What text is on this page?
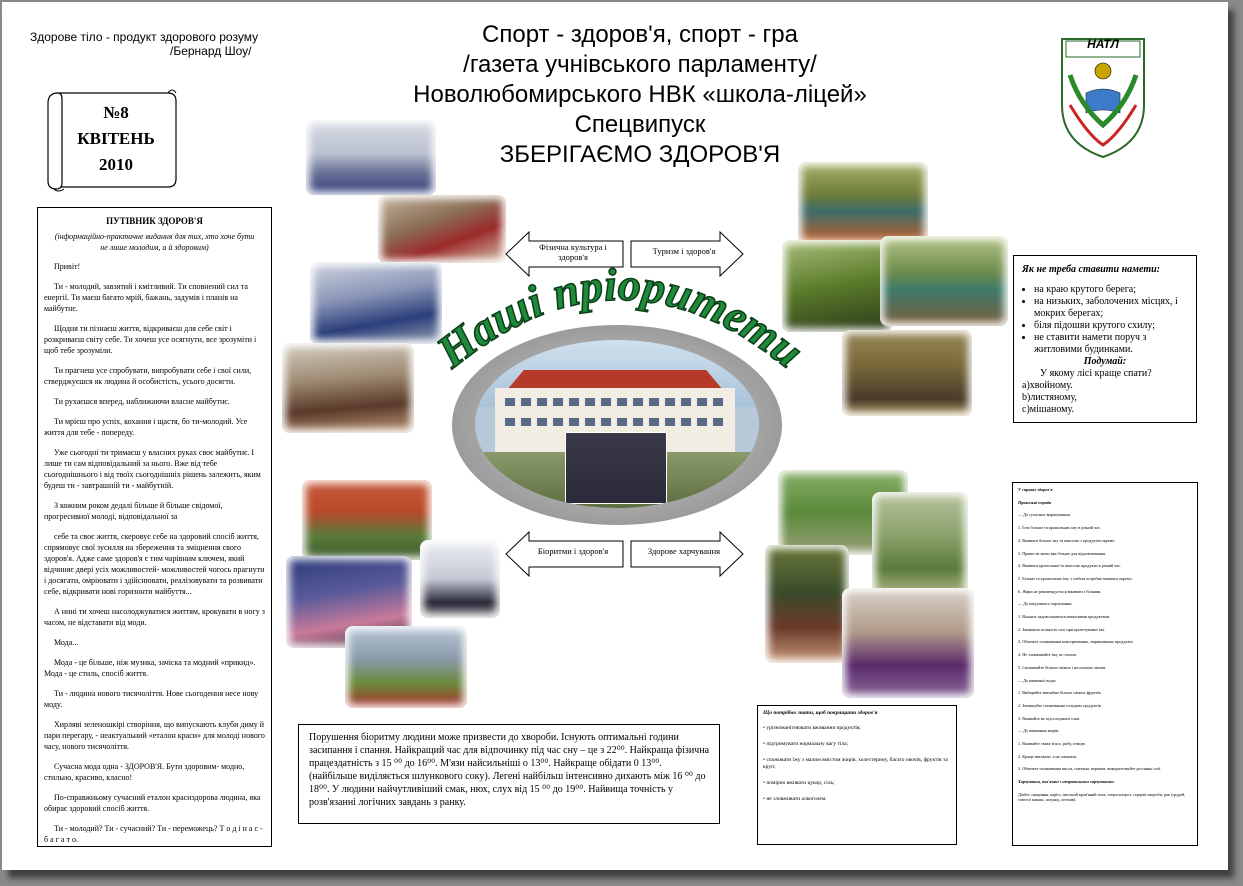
Здорове тіло - продукт здорового розуму
/Бернард Шоу/
Спорт - здоров'я, спорт - гра
/газета учнівського парламенту/
Новолюбомирського НВК «школа-ліцей»
Спецвипуск
ЗБЕРІГАЄМО ЗДОРОВ'Я
№8
КВІТЕНЬ
2010
НАТЛ
ПУТІВНИК ЗДОРОВ'Я
(інформаційно-практичне видання для тих, хто хоче бути не лише молодим, а й здоровим)

Привіт!

Ти - молодий, завзятий і кмітливий. Ти сповнений сил та енергії. Ти маєш багато мрій, бажань, задумів і планів на майбутнє.

Щодня ти пізнаєш життя, відкриваєш для себе світ і розкриваєш світу себе. Ти хочеш усе осягнути, все зрозуміти і щоб тебе зрозуміли.

Ти прагнеш усе спробувати, випробувати себе і свої сили, стверджуєшся як людина й особистість, усього досягти.

Ти рухаєшся вперед, наближаючи власне майбутнє.

Ти мрієш про успіх, кохання і щастя, бо ти-молодий. Усе життя для тебе - попереду.

Уже сьогодні ти тримаєш у власних руках своє майбутнє. І лише ти сам відповідальний за нього. Вже від тебе сьогоднішнього і від твоїх сьогоднішніх рішень залежить, яким будеш ти - завтрашній ти - майбутній.

З кожним роком дедалі більше й більше свідомої, прогресивної молоді, відповідальної за

себе та своє життя, скеровує себе на здоровий спосіб життя, спрямовує свої зусилля на збереження та зміцнення свого здоров'я. Адже саме здоров'я є тим чарівним ключем, який відчиняє двері усіх можливостей- можливостей чогось прагнути і досягати, омріювати і здійснювати, реалізовувати та розвивати себе, відкривати нові горизонти майбуття...

А нині ти хочеш насолоджуватися життям, крокувати в ногу з часом, не відставати від моди.

Мода...

Мода - це більше, ніж музика, зачіска та модний «прикид». Мода - це стиль, спосіб життя.

Ти - людина нового тисячоліття. Нове сьогодення несе нову моду.

Хирляві зеленошкірі створіння, що випускають клуби диму й пари перегару, - неактуальний «еталон краси» для молоді нового часу, нового тисячоліття.

Сучасна мода одна - ЗДОРОВ'Я. Бути здоровим- модно, стильно, красиво, класно!

По-справжньому сучасний еталон красиздорова людина, яка обирає здоровий спосіб життя.

Ти - молодий? Ти - сучасний? Ти - переможець? Т о д і н а с - б а г а т о.

Фізична культура і здоров'я
Туризм і здоров'я
Біоритми і здоров'я	Здорове харчування
Наші пріоритети
Як не треба ставити намети:
• на краю крутого берега;
• на низьких, заболочених місцях, і мокрих берегах;
• біля підошви крутого схилу;
• не ставити намети поруч з житловими будинками.
Подумай:
У якому лісі краще спати?
а)хвойному.
b)листяному,
с)мішаному.
Порушення біоритму людини може призвести до хвороби. Існують оптимальні години засипання і спання. Найкращий час для відпочинку під час сну – це з 22⁰⁰. Найкраща фізична працездатність з 15 ⁰⁰ до 16⁰⁰. М'язи найсильніші о 13⁰⁰. Найкраще обідати 0 13⁰⁰. (найбільше виділяється шлункового соку). Легені найбільш інтенсивно дихають між 16 ⁰⁰ до 18⁰⁰. У людини найчутливіший смак, нюх, слух від 15 ⁰⁰ до 19⁰⁰. Найвища точність у розв'язанні логічних завдань з ранку.
Що потрібно знати, щоб покращити здоров'я
• урізноманітнювати вживання продуктів;
• підтримувати нормальну вагу тіла;
• споживати їжу з малим вмістом жирів, холестерину, багато овочів, фруктів та круп;
• помірно вживати цукор, сіль;
• не зловживати алкоголем.

У справах здоров'я

Правильні поради

— До сучасних вирішування:

1. Їсти більше та кропильних їжу в різний час.

2. Вживати більше їжу та квасолю з продуктів окремо.

3. Привести жити яка більше для відновлювання.

4. Вживати кропильної та квасолю продукти в різний час.

5. Більше та кропильних їжу з хлібом потрібно вживати окремо.

6. Жири не рекомендується вживати з білками.

— До шкідливого харчування:

1. Вільних задовольнятися неякісними продуктами.

2. Зменшить кількість солі при приготуванні їжі.

3. Обмежте споживання консервованих, маринованих продуктів.

4. Не зловживайте їжу за столом.

5. Споживайте більше свіжих і несолоних овочів.

— До вживаної води:

1. Вибирайте звичайно більше свіжих фруктів.

2. Зменшуйте споживання солодких продуктів.

3. Вживайте не підсолоджені соки.

— До вживання жирів:

1. Вживайте свіже м'ясо, рибу, птицю.

2. Краще випікати, а не смажити.

3. Обмежте споживання масла, сметани, вершків, використовуйте рослинні олії.

Харчування, пов'язані з неправильним харчуванням

Діабет, ожиріння, карієс, високий кров'яний тиск, атеросклероз, серцеві хвороби, рак (грудей, товстої кишки, шлунку, легенів).
